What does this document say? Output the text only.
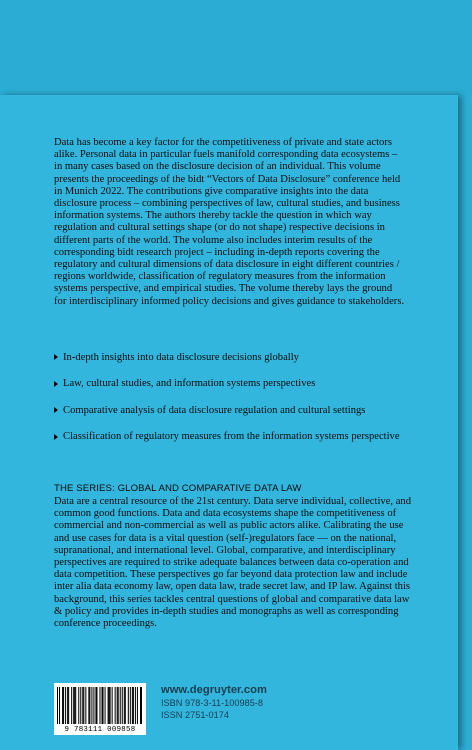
Data has become a key factor for the competitiveness of private and state actors alike. Personal data in particular fuels manifold corresponding data ecosystems – in many cases based on the disclosure decision of an individual. This volume presents the proceedings of the bidt “Vectors of Data Disclosure” conference held in Munich 2022. The contributions give comparative insights into the data disclosure process – combining perspectives of law, cultural studies, and business information systems. The authors thereby tackle the question in which way regulation and cultural settings shape (or do not shape) respective decisions in different parts of the world. The volume also includes interim results of the corresponding bidt research project – including in-depth reports covering the regulatory and cultural dimensions of data disclosure in eight different countries / regions worldwide, classification of regulatory measures from the information systems perspective, and empirical studies. The volume thereby lays the ground for interdisciplinary informed policy decisions and gives guidance to stakeholders.

In-depth insights into data disclosure decisions globally
Law, cultural studies, and information systems perspectives
Comparative analysis of data disclosure regulation and cultural settings
Classification of regulatory measures from the information systems perspective
THE SERIES: GLOBAL AND COMPARATIVE DATA LAW

Data are a central resource of the 21st century. Data serve individual, collective, and common good functions. Data and data ecosystems shape the competitiveness of commercial and non-commercial as well as public actors alike. Calibrating the use and use cases for data is a vital question (self-)regulators face — on the national, supranational, and international level. Global, comparative, and interdisciplinary perspectives are required to strike adequate balances between data co-operation and data competition. These perspectives go far beyond data protection law and include inter alia data economy law, open data law, trade secret law, and IP law. Against this background, this series tackles central questions of global and comparative data law & policy and provides in-depth studies and monographs as well as corresponding conference proceedings.

9 783111 009858
www.degruyter.com
ISBN 978-3-11-100985-8
ISSN 2751-0174
